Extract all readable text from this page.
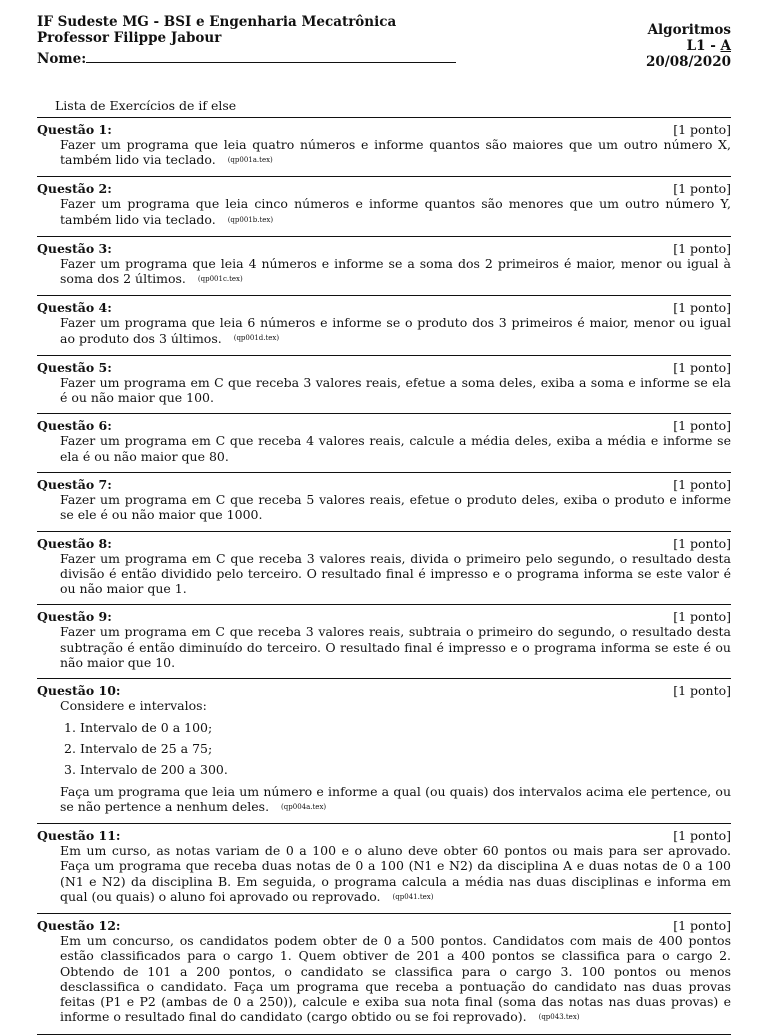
IF Sudeste MG - BSI e Engenharia Mecatrônica
Professor Filippe Jabour	Algoritmos
L1 - A
20/08/2020
Nome:
Lista de Exercícios de if else
Questão 1:	[1 ponto]
Fazer um programa que leia quatro números e informe quantos são maiores que um outro número X, também lido via teclado. (qp001a.tex)
Questão 2:	[1 ponto]
Fazer um programa que leia cinco números e informe quantos são menores que um outro número Y, também lido via teclado. (qp001b.tex)
Questão 3:	[1 ponto]
Fazer um programa que leia 4 números e informe se a soma dos 2 primeiros é maior, menor ou igual à soma dos 2 últimos. (qp001c.tex)
Questão 4:	[1 ponto]
Fazer um programa que leia 6 números e informe se o produto dos 3 primeiros é maior, menor ou igual ao produto dos 3 últimos. (qp001d.tex)
Questão 5:	[1 ponto]
Fazer um programa em C que receba 3 valores reais, efetue a soma deles, exiba a soma e informe se ela é ou não maior que 100.
Questão 6:	[1 ponto]
Fazer um programa em C que receba 4 valores reais, calcule a média deles, exiba a média e informe se ela é ou não maior que 80.
Questão 7:	[1 ponto]
Fazer um programa em C que receba 5 valores reais, efetue o produto deles, exiba o produto e informe se ele é ou não maior que 1000.
Questão 8:	[1 ponto]
Fazer um programa em C que receba 3 valores reais, divida o primeiro pelo segundo, o resultado desta divisão é então dividido pelo terceiro. O resultado final é impresso e o programa informa se este valor é ou não maior que 1.
Questão 9:	[1 ponto]
Fazer um programa em C que receba 3 valores reais, subtraia o primeiro do segundo, o resultado desta subtração é então diminuído do terceiro. O resultado final é impresso e o programa informa se este é ou não maior que 10.
Questão 10:	[1 ponto]
Considere e intervalos:
1. Intervalo de 0 a 100;
2. Intervalo de 25 a 75;
3. Intervalo de 200 a 300.
Faça um programa que leia um número e informe a qual (ou quais) dos intervalos acima ele pertence, ou se não pertence a nenhum deles. (qp004a.tex)
Questão 11:	[1 ponto]
Em um curso, as notas variam de 0 a 100 e o aluno deve obter 60 pontos ou mais para ser aprovado. Faça um programa que receba duas notas de 0 a 100 (N1 e N2) da disciplina A e duas notas de 0 a 100 (N1 e N2) da disciplina B. Em seguida, o programa calcula a média nas duas disciplinas e informa em qual (ou quais) o aluno foi aprovado ou reprovado. (qp041.tex)
Questão 12:	[1 ponto]
Em um concurso, os candidatos podem obter de 0 a 500 pontos. Candidatos com mais de 400 pontos estão classificados para o cargo 1. Quem obtiver de 201 a 400 pontos se classifica para o cargo 2. Obtendo de 101 a 200 pontos, o candidato se classifica para o cargo 3. 100 pontos ou menos desclassifica o candidato. Faça um programa que receba a pontuação do candidato nas duas provas feitas (P1 e P2 (ambas de 0 a 250)), calcule e exiba sua nota final (soma das notas nas duas provas) e informe o resultado final do candidato (cargo obtido ou se foi reprovado). (qp043.tex)
